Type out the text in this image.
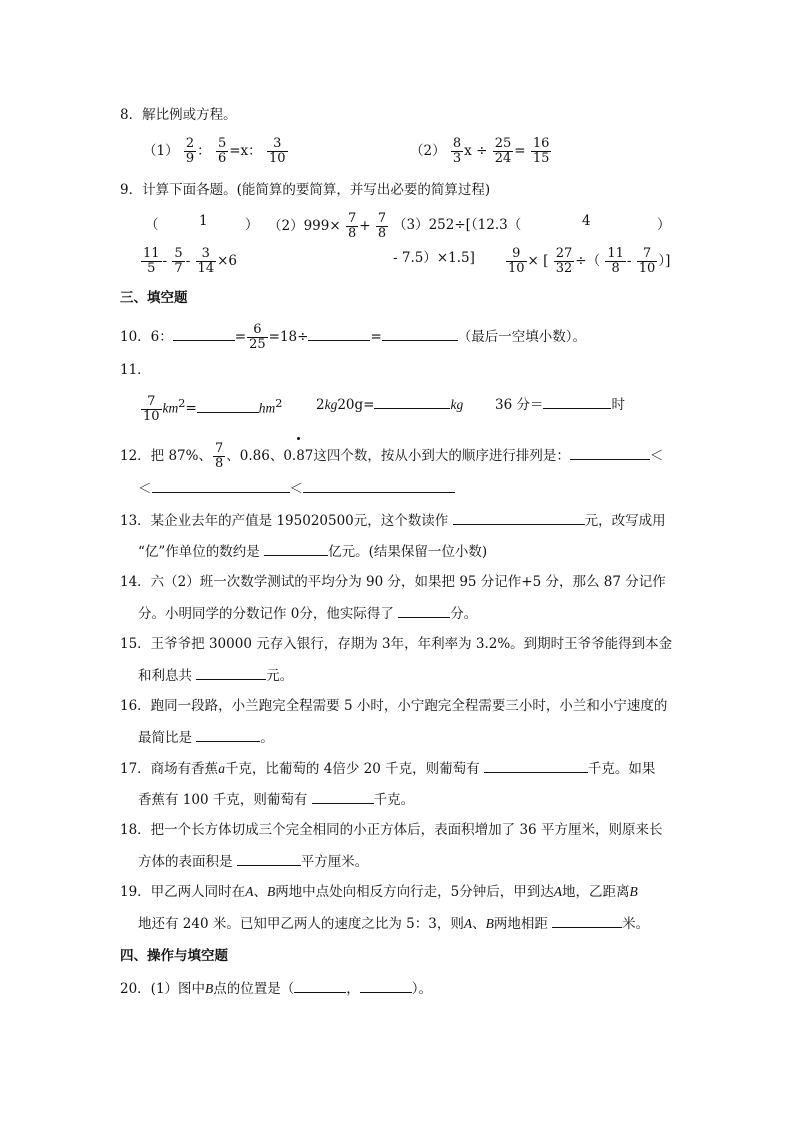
8．解比例或方程。
$(1) \frac{2}{9}$ ： $\frac{5}{6} =x$： $\frac{3}{10}$	$(2) \frac{8}{3}$ $x \div \frac{25}{24} = \frac{16}{15}$
9．计算下面各题。(能简算的要简算，并写出必要的简算过程)
（	1	） $(2)999\times \frac{7}{8} + \frac{7}{8} (3)252\div[(12.3$（	4	）
$\frac{11}{5} - \frac{5}{7} - \frac{3}{14} \times 6$	- $7.5)\times 1.5] \frac{9}{10}$ × [ $\frac{27}{32}$ ÷（ $\frac{11}{8} - \frac{7}{10}$ ）]
三、填空题
10．6：	= $\frac{6}{25} =18\div$	=	（最后一空填小数）。
11．
$\frac{7}{10} km^2=$	$hm^2$ 2kg20g=	kg 36 分＝	时
12．把 87%、 $\frac{7}{8}$ 、0.86、0.87这四个数，按从小到大的顺序进行排列是：	＜
＜	＜
13．某企业去年的产值是 195020500元，这个数读作	元，改写成用
“亿”作单位的数约是	亿元。(结果保留一位小数)
14．六（2）班一次数学测试的平均分为 90 分，如果把 95 分记作+5 分，那么 87 分记作
分。小明同学的分数记作 0分，他实际得了	分。
15．王爷爷把 30000 元存入银行，存期为 3年，年利率为 3.2%。到期时王爷爷能得到本金
和利息共	元。
16．跑同一段路，小兰跑完全程需要 5 小时，小宁跑完全程需要三小时，小兰和小宁速度的
最简比是	。
17．商场有香蕉a千克，比葡萄的 4倍少 20 千克，则葡萄有	千克。如果
香蕉有 100 千克，则葡萄有	千克。
18．把一个长方体切成三个完全相同的小正方体后，表面积增加了 36 平方厘米，则原来长
方体的表面积是	平方厘米。
19．甲乙两人同时在A、B两地中点处向相反方向行走，5分钟后，甲到达A地，乙距离B
地还有 240 米。已知甲乙两人的速度之比为 5：3，则A、B两地相距	米。
四、操作与填空题
20．(1）图中B点的位置是（	，	）。
